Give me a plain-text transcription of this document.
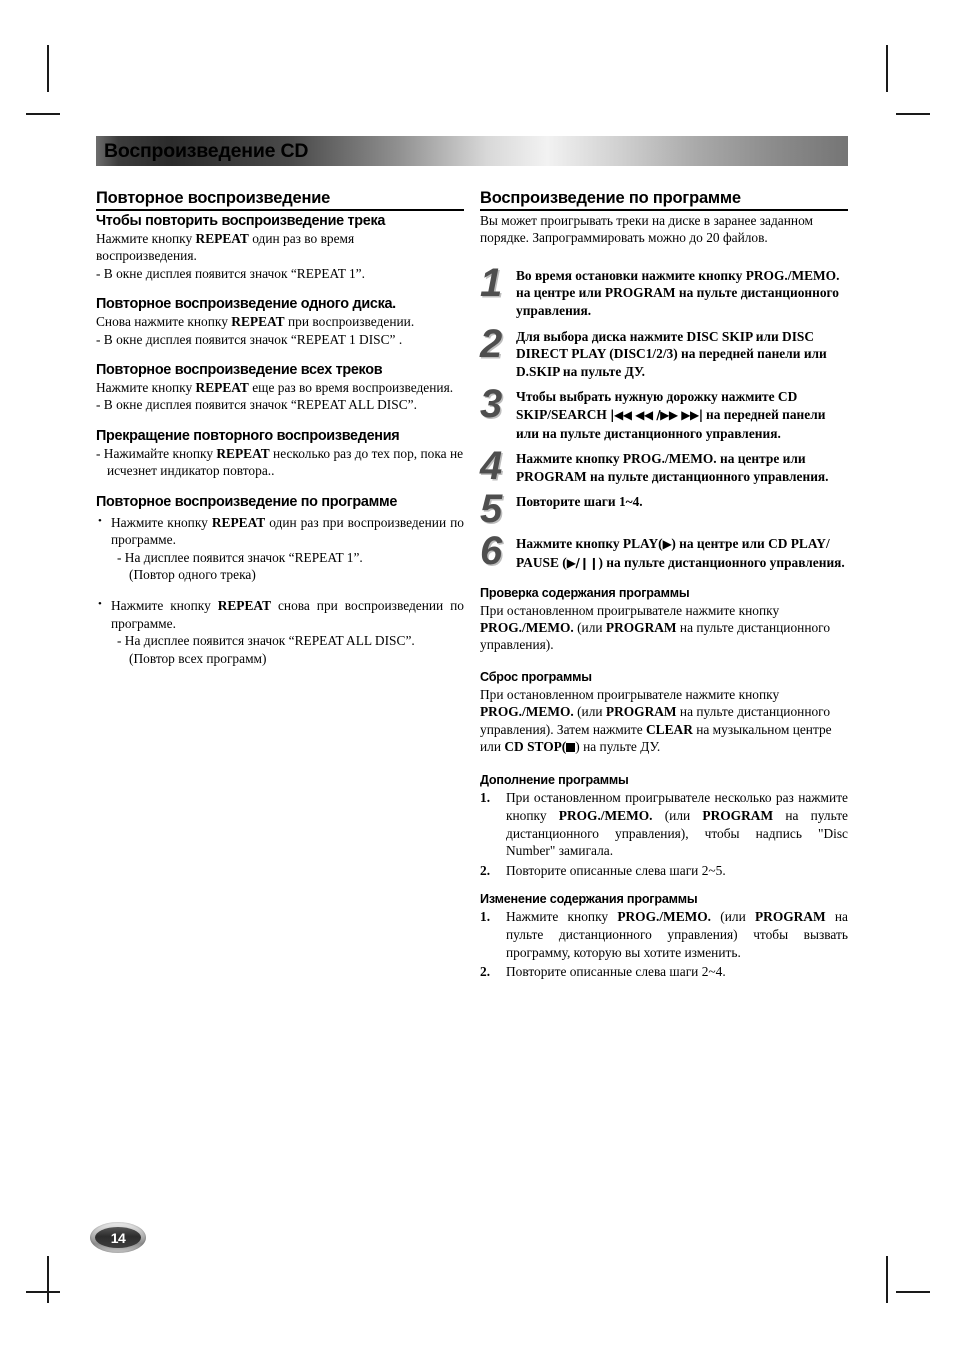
Воспроизведение CD
Повторное воспроизведение
Чтобы повторить воспроизведение трека

Нажмите кнопку REPEAT один раз во время

воспроизведения.

- В окне дисплея появится значок “REPEAT 1”.

Повторное воспроизведение одного диска.

Снова нажмите кнопку REPEAT при воспроизведении.

- В окне дисплея появится значок “REPEAT 1 DISC” .

Повторное воспроизведение всех треков

Нажмите кнопку REPEAT еще раз во время воспроизведения.

- В окне дисплея появится значок “REPEAT ALL DISC”.

Прекращение повторного воспроизведения

- Нажимайте кнопку REPEAT несколько раз до тех пор, пока не исчезнет индикатор повтора..

Повторное воспроизведение по программе
• Нажмите кнопку REPEAT один раз при воспроизведении по программе.
- На дисплее появится значок “REPEAT 1”.
(Повтор одного трека)
• Нажмите кнопку REPEAT снова при воспроизведении по программе.
- На дисплее появится значок “REPEAT ALL DISC”.
(Повтор всех программ)
Воспроизведение по программе

Вы может проигрывать треки на диске в заранее заданном порядке. Запрограммировать можно до 20 файлов.

1	Во время остановки нажмите кнопку PROG./MEMO. на центре или PROGRAM на пульте дистанционного управления.
2	Для выбора диска нажмите DISC SKIP или DISC DIRECT PLAY (DISC1/2/3) на передней панели или D.SKIP на пульте ДУ.
3	Чтобы выбрать нужную дорожку нажмите CD SKIP/SEARCH |◀◀ ◀◀ /▶▶ ▶▶| на передней панели или на пульте дистанционного управления.
4	Нажмите кнопку PROG./MEMO. на центре или PROGRAM на пульте дистанционного управления.
5	Повторите шаги 1~4.
6	Нажмите кнопку PLAY(▶) на центре или CD PLAY/ PAUSE (▶/❙❙) на пульте дистанционного управления.
Проверка содержания программы

При остановленном проигрывателе нажмите кнопку PROG./MEMO. (или PROGRAM на пульте дистанционного управления).

Сброс программы

При остановленном проигрывателе нажмите кнопку PROG./MEMO. (или PROGRAM на пульте дистанционного управления). Затем нажмите CLEAR на музыкальном центре или CD STOP( ) на пульте ДУ.

Дополнение программы
При остановленном проигрывателе несколько раз нажмите кнопку PROG./MEMO. (или PROGRAM на пульте дистанционного управления), чтобы надпись "Disc Number" замигала.
Повторите описанные слева шаги 2~5.
Изменение содержания программы
Нажмите кнопку PROG./MEMO. (или PROGRAM на пульте дистанционного управления) чтобы вызвать программу, которую вы хотите изменить.
Повторите описанные слева шаги 2~4.
14
